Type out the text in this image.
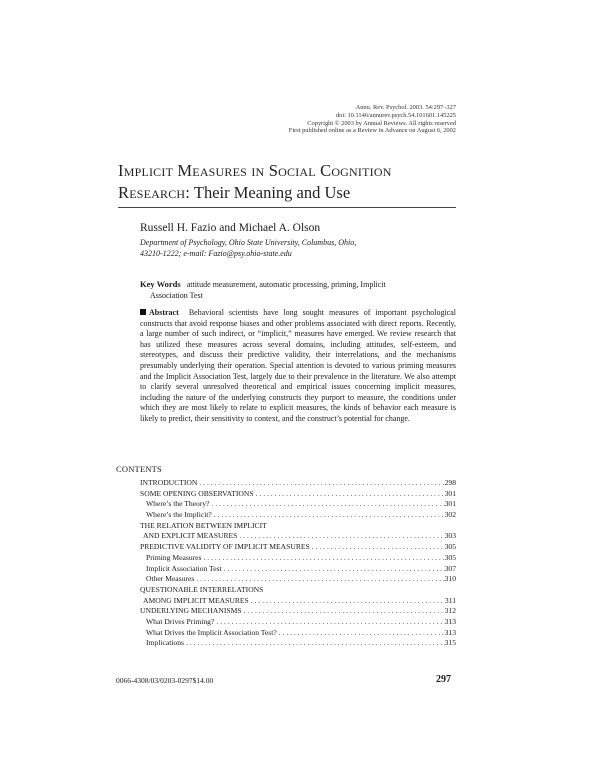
Annu. Rev. Psychol. 2003. 54:297–327
doi: 10.1146/annurev.psych.54.101601.145225
Copyright © 2003 by Annual Reviews. All rights reserved
First published online as a Review in Advance on August 6, 2002
Implicit Measures in Social Cognition
Research: Their Meaning and Use
Russell H. Fazio and Michael A. Olson
Department of Psychology, Ohio State University, Columbus, Ohio,
43210-1222; e-mail: Fazio@psy.ohio-state.edu
Key Words attitude measurement, automatic processing, priming, Implicit
Association Test
Abstract Behavioral scientists have long sought measures of important psychological constructs that avoid response biases and other problems associated with direct reports. Recently, a large number of such indirect, or “implicit,” measures have emerged. We review research that has utilized these measures across several domains, including attitudes, self-esteem, and stereotypes, and discuss their predictive validity, their interrelations, and the mechanisms presumably underlying their operation. Special attention is devoted to various priming measures and the Implicit Association Test, largely due to their prevalence in the literature. We also attempt to clarify several unresolved theoretical and empirical issues concerning implicit measures, including the nature of the underlying constructs they purport to measure, the conditions under which they are most likely to relate to explicit measures, the kinds of behavior each measure is likely to predict, their sensitivity to context, and the construct’s potential for change.
CONTENTS
INTRODUCTION . . .	298
SOME OPENING OBSERVATIONS . . .	301
Where’s the Theory? . . .	301
Where’s the Implicit? . . .	302
THE RELATION BETWEEN IMPLICIT
AND EXPLICIT MEASURES . . .	303
PREDICTIVE VALIDITY OF IMPLICIT MEASURES . . .	305
Priming Measures . . .	305
Implicit Association Test . . .	307
Other Measures . . .	310
QUESTIONABLE INTERRELATIONS
AMONG IMPLICIT MEASURES . . .	311
UNDERLYING MECHANISMS . . .	312
What Drives Priming? . . .	313
What Drives the Implicit Association Test? . . .	313
Implications . . .	315
0066-4308/03/0203-0297$14.00	297
